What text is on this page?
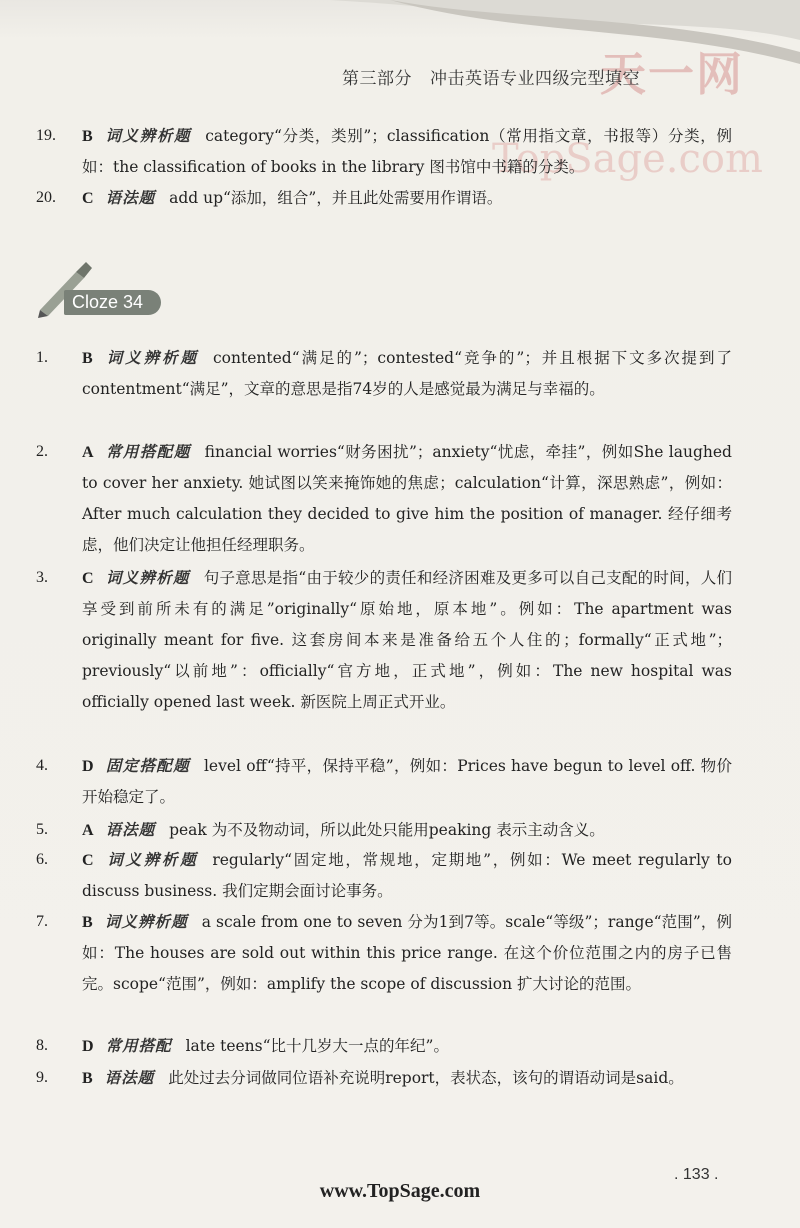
天一网
TopSage.com
第三部分 冲击英语专业四级完型填空
19.	B 词义辨析题 category“分类，类别”；classification（常用指文章，书报等）分类，例如：the classification of books in the library 图书馆中书籍的分类。
20.	C 语法题 add up“添加，组合”，并且此处需要用作谓语。
Cloze 34
1.	B 词义辨析题 contented“满足的”；contested“竞争的”；并且根据下文多次提到了contentment“满足”，文章的意思是指74岁的人是感觉最为满足与幸福的。
2.	A 常用搭配题 financial worries“财务困扰”；anxiety“忧虑，牵挂”，例如She laughed to cover her anxiety. 她试图以笑来掩饰她的焦虑；calculation“计算，深思熟虑”，例如：After much calculation they decided to give him the position of manager. 经仔细考虑，他们决定让他担任经理职务。
3.	C 词义辨析题 句子意思是指“由于较少的责任和经济困难及更多可以自己支配的时间，人们享受到前所未有的满足”originally“原始地，原本地”。例如：The apartment was originally meant for five. 这套房间本来是准备给五个人住的；formally“正式地”；previously“以前地”：officially“官方地，正式地”，例如：The new hospital was officially opened last week. 新医院上周正式开业。
4.	D 固定搭配题 level off“持平，保持平稳”，例如：Prices have begun to level off. 物价开始稳定了。
5.	A 语法题 peak 为不及物动词，所以此处只能用peaking 表示主动含义。
6.	C 词义辨析题 regularly“固定地，常规地，定期地”，例如：We meet regularly to discuss business. 我们定期会面讨论事务。
7.	B 词义辨析题 a scale from one to seven 分为1到7等。scale“等级”；range“范围”，例如：The houses are sold out within this price range. 在这个价位范围之内的房子已售完。scope“范围”，例如：amplify the scope of discussion 扩大讨论的范围。
8.	D 常用搭配 late teens“比十几岁大一点的年纪”。
9.	B 语法题 此处过去分词做同位语补充说明report，表状态，该句的谓语动词是said。
. 133 .
www.TopSage.com
